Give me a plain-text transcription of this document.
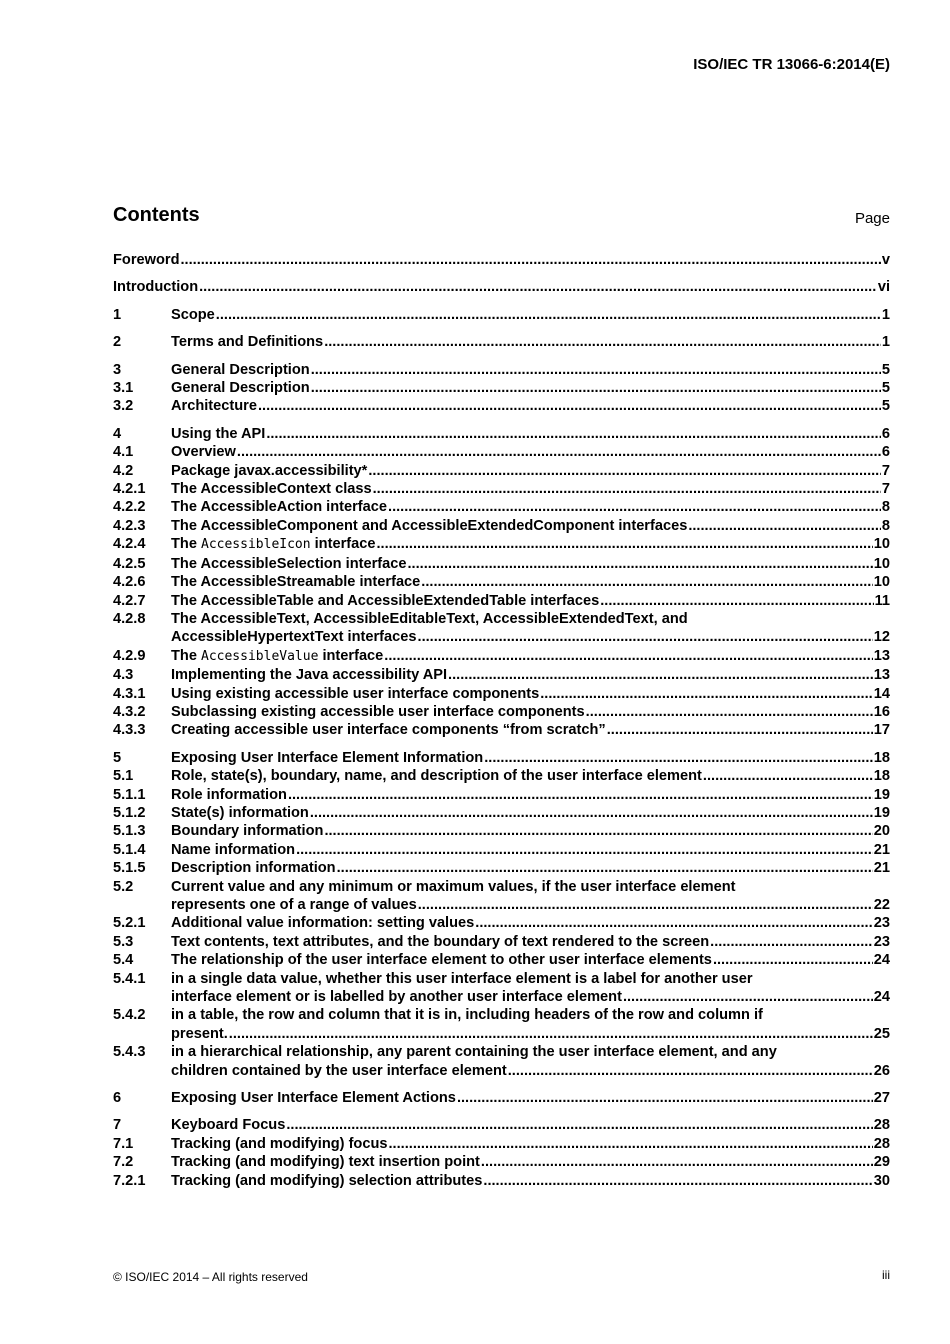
ISO/IEC TR 13066-6:2014(E)
Contents	Page
Foreword .....	v
Introduction .....	vi
1	Scope .....	1
2	Terms and Definitions .....	1
3	General Description .....	5
3.1	General Description .....	5
3.2	Architecture .....	5
4	Using the API .....	6
4.1	Overview .....	6
4.2	Package javax.accessibility* .....	7
4.2.1	The AccessibleContext class .....	7
4.2.2	The AccessibleAction interface .....	8
4.2.3	The AccessibleComponent and AccessibleExtendedComponent interfaces .....	8
4.2.4	The AccessibleIcon interface .....	10
4.2.5	The AccessibleSelection interface .....	10
4.2.6	The AccessibleStreamable interface .....	10
4.2.7	The AccessibleTable and AccessibleExtendedTable interfaces .....	11
4.2.8	The AccessibleText, AccessibleEditableText, AccessibleExtendedText, and
AccessibleHypertextText interfaces .....	12
4.2.9	The AccessibleValue interface .....	13
4.3	Implementing the Java accessibility API .....	13
4.3.1	Using existing accessible user interface components .....	14
4.3.2	Subclassing existing accessible user interface components .....	16
4.3.3	Creating accessible user interface components “from scratch” .....	17
5	Exposing User Interface Element Information .....	18
5.1	Role, state(s), boundary, name, and description of the user interface element .....	18
5.1.1	Role information .....	19
5.1.2	State(s) information .....	19
5.1.3	Boundary information .....	20
5.1.4	Name information .....	21
5.1.5	Description information .....	21
5.2	Current value and any minimum or maximum values, if the user interface element
represents one of a range of values .....	22
5.2.1	Additional value information: setting values .....	23
5.3	Text contents, text attributes, and the boundary of text rendered to the screen .....	23
5.4	The relationship of the user interface element to other user interface elements .....	24
5.4.1	in a single data value, whether this user interface element is a label for another user
interface element or is labelled by another user interface element .....	24
5.4.2	in a table, the row and column that it is in, including headers of the row and column if
present. .....	25
5.4.3	in a hierarchical relationship, any parent containing the user interface element, and any
children contained by the user interface element .....	26
6	Exposing User Interface Element Actions .....	27
7	Keyboard Focus .....	28
7.1	Tracking (and modifying) focus .....	28
7.2	Tracking (and modifying) text insertion point .....	29
7.2.1	Tracking (and modifying) selection attributes .....	30
© ISO/IEC 2014 – All rights reserved	iii
